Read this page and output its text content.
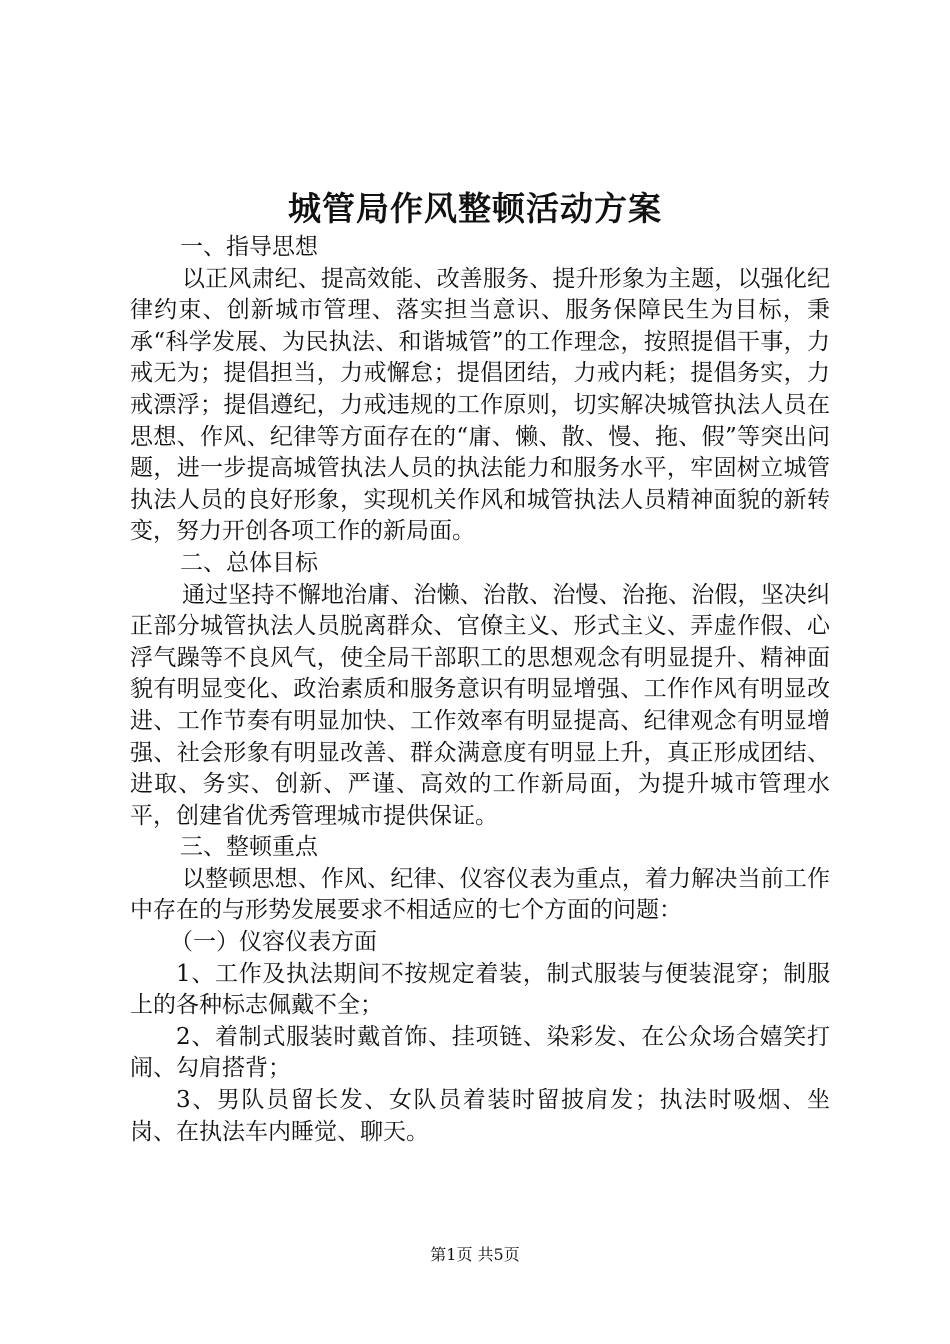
城管局作风整顿活动方案

一、指导思想

以正风肃纪、提高效能、改善服务、提升形象为主题，以强化纪律约束、创新城市管理、落实担当意识、服务保障民生为目标，秉承“科学发展、为民执法、和谐城管”的工作理念，按照提倡干事，力戒无为；提倡担当，力戒懈怠；提倡团结，力戒内耗；提倡务实，力戒漂浮；提倡遵纪，力戒违规的工作原则，切实解决城管执法人员在思想、作风、纪律等方面存在的“庸、懒、散、慢、拖、假”等突出问题，进一步提高城管执法人员的执法能力和服务水平，牢固树立城管执法人员的良好形象，实现机关作风和城管执法人员精神面貌的新转变，努力开创各项工作的新局面。

二、总体目标

通过坚持不懈地治庸、治懒、治散、治慢、治拖、治假，坚决纠正部分城管执法人员脱离群众、官僚主义、形式主义、弄虚作假、心浮气躁等不良风气，使全局干部职工的思想观念有明显提升、精神面貌有明显变化、政治素质和服务意识有明显增强、工作作风有明显改进、工作节奏有明显加快、工作效率有明显提高、纪律观念有明显增强、社会形象有明显改善、群众满意度有明显上升，真正形成团结、进取、务实、创新、严谨、高效的工作新局面，为提升城市管理水平，创建省优秀管理城市提供保证。

三、整顿重点

以整顿思想、作风、纪律、仪容仪表为重点，着力解决当前工作中存在的与形势发展要求不相适应的七个方面的问题：

（一）仪容仪表方面

1、工作及执法期间不按规定着装，制式服装与便装混穿；制服上的各种标志佩戴不全；

2、着制式服装时戴首饰、挂项链、染彩发、在公众场合嬉笑打闹、勾肩搭背；

3、男队员留长发、女队员着装时留披肩发；执法时吸烟、坐岗、在执法车内睡觉、聊天。

第1页 共5页
